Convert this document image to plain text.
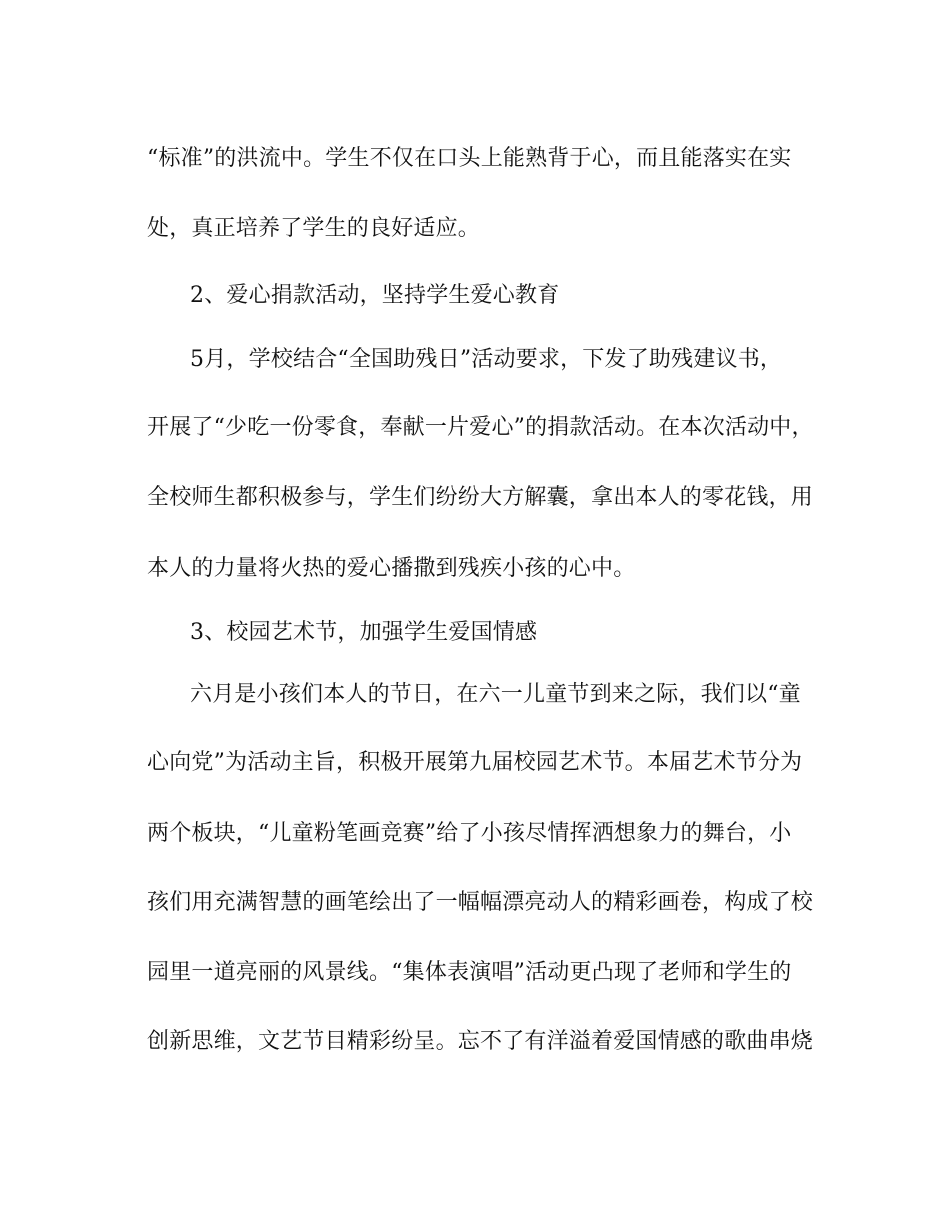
“标准”的洪流中。学生不仅在口头上能熟背于心，而且能落实在实
处，真正培养了学生的良好适应。
2、爱心捐款活动，坚持学生爱心教育
5月，学校结合“全国助残日”活动要求，下发了助残建议书，
开展了“少吃一份零食，奉献一片爱心”的捐款活动。在本次活动中，
全校师生都积极参与，学生们纷纷大方解囊，拿出本人的零花钱，用
本人的力量将火热的爱心播撒到残疾小孩的心中。
3、校园艺术节，加强学生爱国情感
六月是小孩们本人的节日，在六一儿童节到来之际，我们以“童
心向党”为活动主旨，积极开展第九届校园艺术节。本届艺术节分为
两个板块，“儿童粉笔画竞赛”给了小孩尽情挥洒想象力的舞台，小
孩们用充满智慧的画笔绘出了一幅幅漂亮动人的精彩画卷，构成了校
园里一道亮丽的风景线。“集体表演唱”活动更凸现了老师和学生的
创新思维，文艺节目精彩纷呈。忘不了有洋溢着爱国情感的歌曲串烧
